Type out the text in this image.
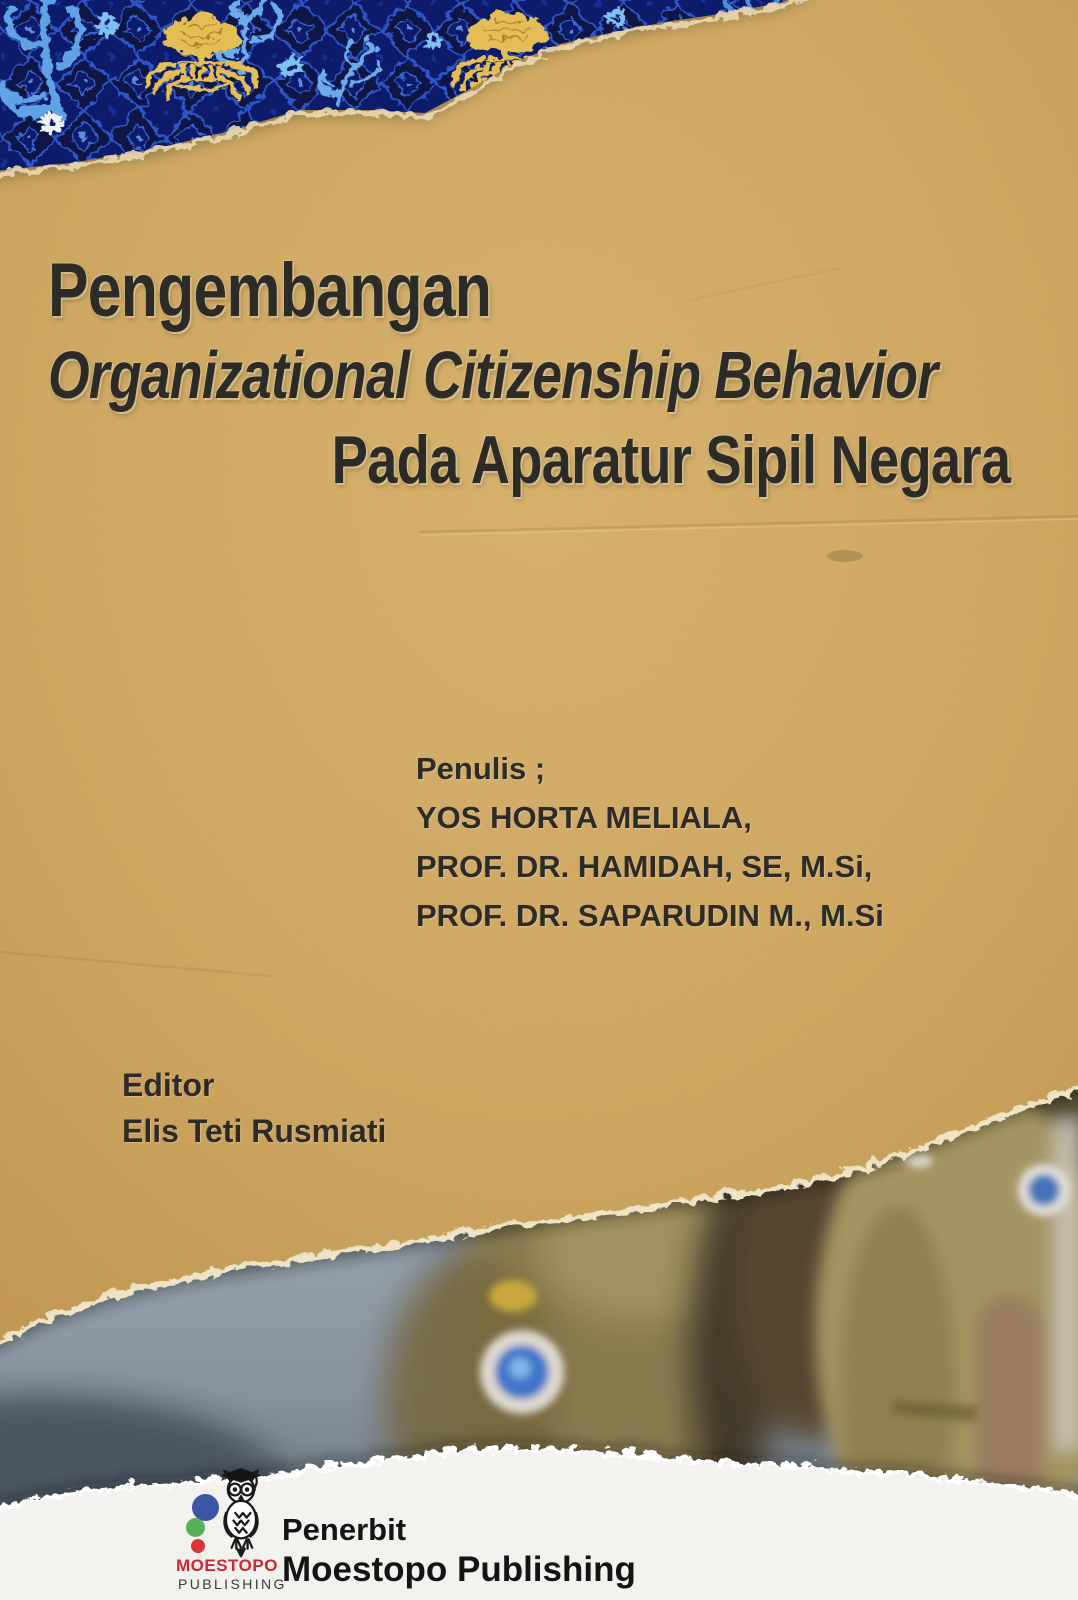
Pengembangan
Organizational Citizenship Behavior
Pada Aparatur Sipil Negara
Penulis ;
YOS HORTA MELIALA,
PROF. DR. HAMIDAH, SE, M.Si,
PROF. DR. SAPARUDIN M., M.Si
Editor
Elis Teti Rusmiati
MOESTOPO
PUBLISHING
Penerbit
Moestopo Publishing
